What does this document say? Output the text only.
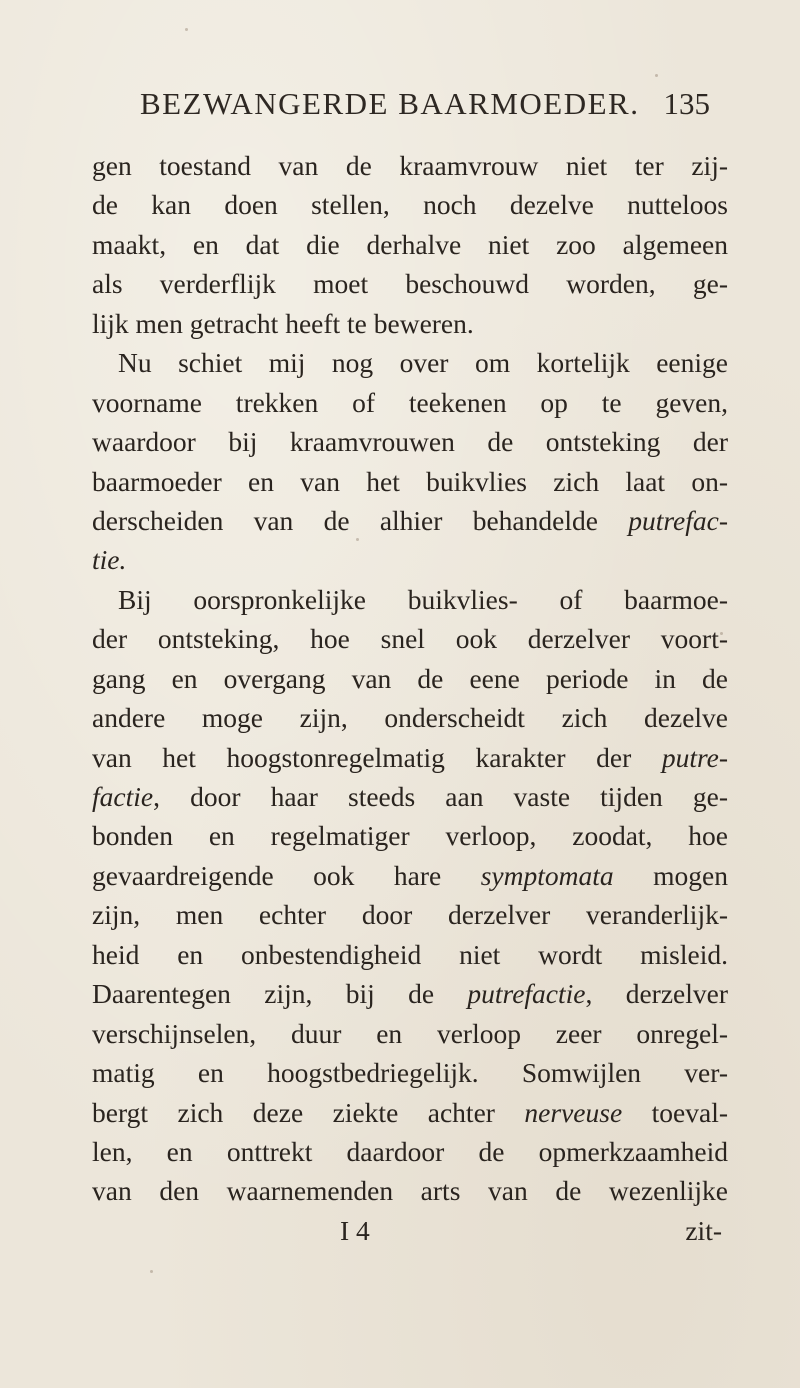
BEZWANGERDE BAARMOEDER. 135
gen toestand van de kraamvrouw niet ter zij-
de kan doen stellen, noch dezelve nutteloos
maakt, en dat die derhalve niet zoo algemeen
als verderflijk moet beschouwd worden, ge-
lijk men getracht heeft te beweren.
Nu schiet mij nog over om kortelijk eenige
voorname trekken of teekenen op te geven,
waardoor bij kraamvrouwen de ontsteking der
baarmoeder en van het buikvlies zich laat on-
derscheiden van de alhier behandelde putrefac-
tie.
Bij oorspronkelijke buikvlies- of baarmoe-
der ontsteking, hoe snel ook derzelver voort-
gang en overgang van de eene periode in de
andere moge zijn, onderscheidt zich dezelve
van het hoogstonregelmatig karakter der putre-
factie, door haar steeds aan vaste tijden ge-
bonden en regelmatiger verloop, zoodat, hoe
gevaardreigende ook hare symptomata mogen
zijn, men echter door derzelver veranderlijk-
heid en onbestendigheid niet wordt misleid.
Daarentegen zijn, bij de putrefactie, derzelver
verschijnselen, duur en verloop zeer onregel-
matig en hoogstbedriegelijk. Somwijlen ver-
bergt zich deze ziekte achter nerveuse toeval-
len, en onttrekt daardoor de opmerkzaamheid
van den waarnemenden arts van de wezenlijke
I 4	zit-
